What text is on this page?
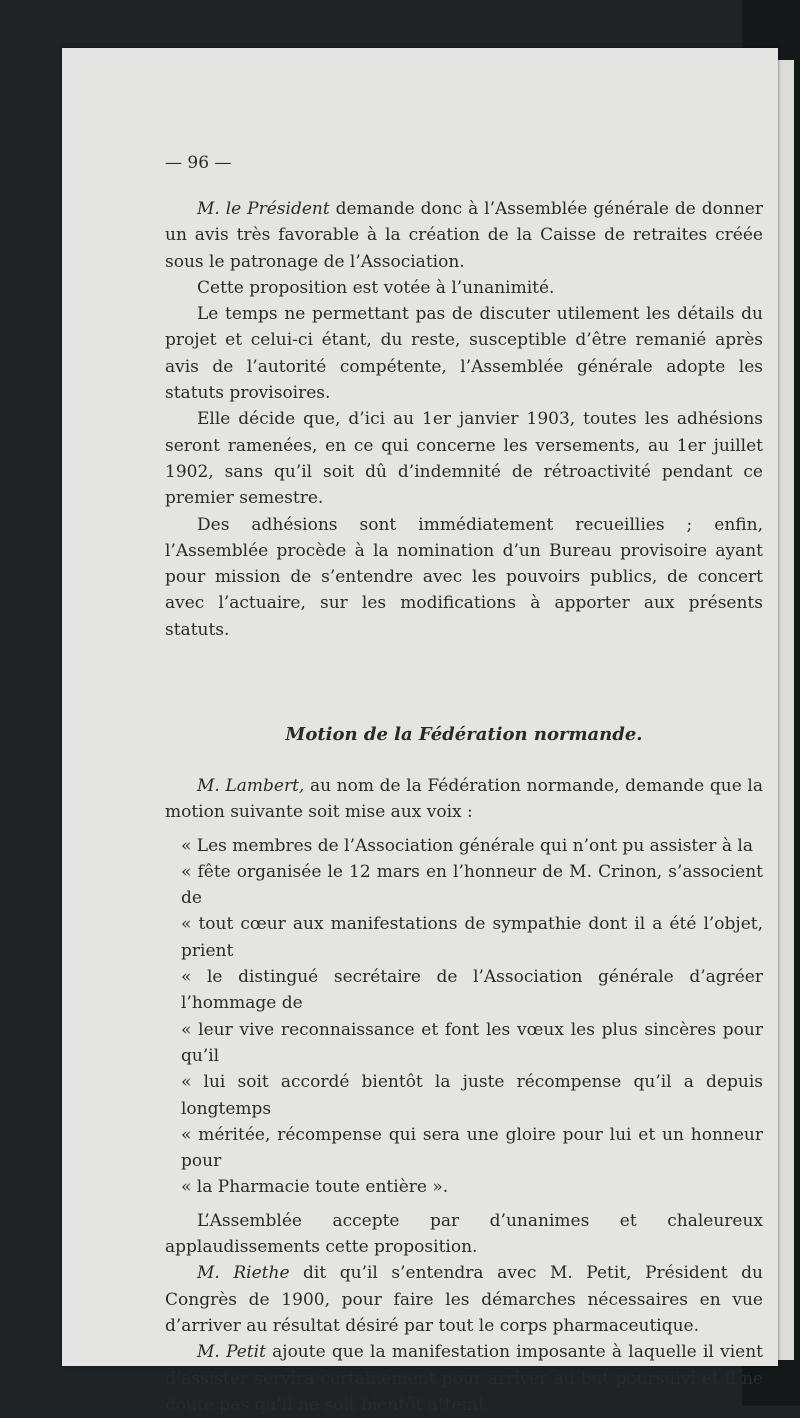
— 96 —

M. le Président demande donc à l’Assemblée générale de donner un avis très favorable à la création de la Caisse de retraites créée sous le patronage de l’Association.

Cette proposition est votée à l’unanimité.

Le temps ne permettant pas de discuter utilement les détails du projet et celui-ci étant, du reste, susceptible d’être remanié après avis de l’autorité compétente, l’Assemblée générale adopte les statuts provisoires.

Elle décide que, d’ici au 1er janvier 1903, toutes les adhésions seront ramenées, en ce qui concerne les versements, au 1er juillet 1902, sans qu’il soit dû d’indemnité de rétroactivité pendant ce premier semestre.

Des adhésions sont immédiatement recueillies ; enfin, l’Assemblée procède à la nomination d’un Bureau provisoire ayant pour mission de s’entendre avec les pouvoirs publics, de concert avec l’actuaire, sur les modifications à apporter aux présents statuts.

Motion de la Fédération normande.

M. Lambert, au nom de la Fédération normande, demande que la motion suivante soit mise aux voix :

« Les membres de l’Association générale qui n’ont pu assister à la

« fête organisée le 12 mars en l’honneur de M. Crinon, s’associent de

« tout cœur aux manifestations de sympathie dont il a été l’objet, prient

« le distingué secrétaire de l’Association générale d’agréer l’hommage de

« leur vive reconnaissance et font les vœux les plus sincères pour qu’il

« lui soit accordé bientôt la juste récompense qu’il a depuis longtemps

« méritée, récompense qui sera une gloire pour lui et un honneur pour

« la Pharmacie toute entière ».

L’Assemblée accepte par d’unanimes et chaleureux applaudissements cette proposition.

M. Riethe dit qu’il s’entendra avec M. Petit, Président du Congrès de 1900, pour faire les démarches nécessaires en vue d’arriver au résultat désiré par tout le corps pharmaceutique.

M. Petit ajoute que la manifestation imposante à laquelle il vient d’assister servira certainement pour arriver au but poursuivi et il ne doute pas qu’il ne soit bientôt atteint.
